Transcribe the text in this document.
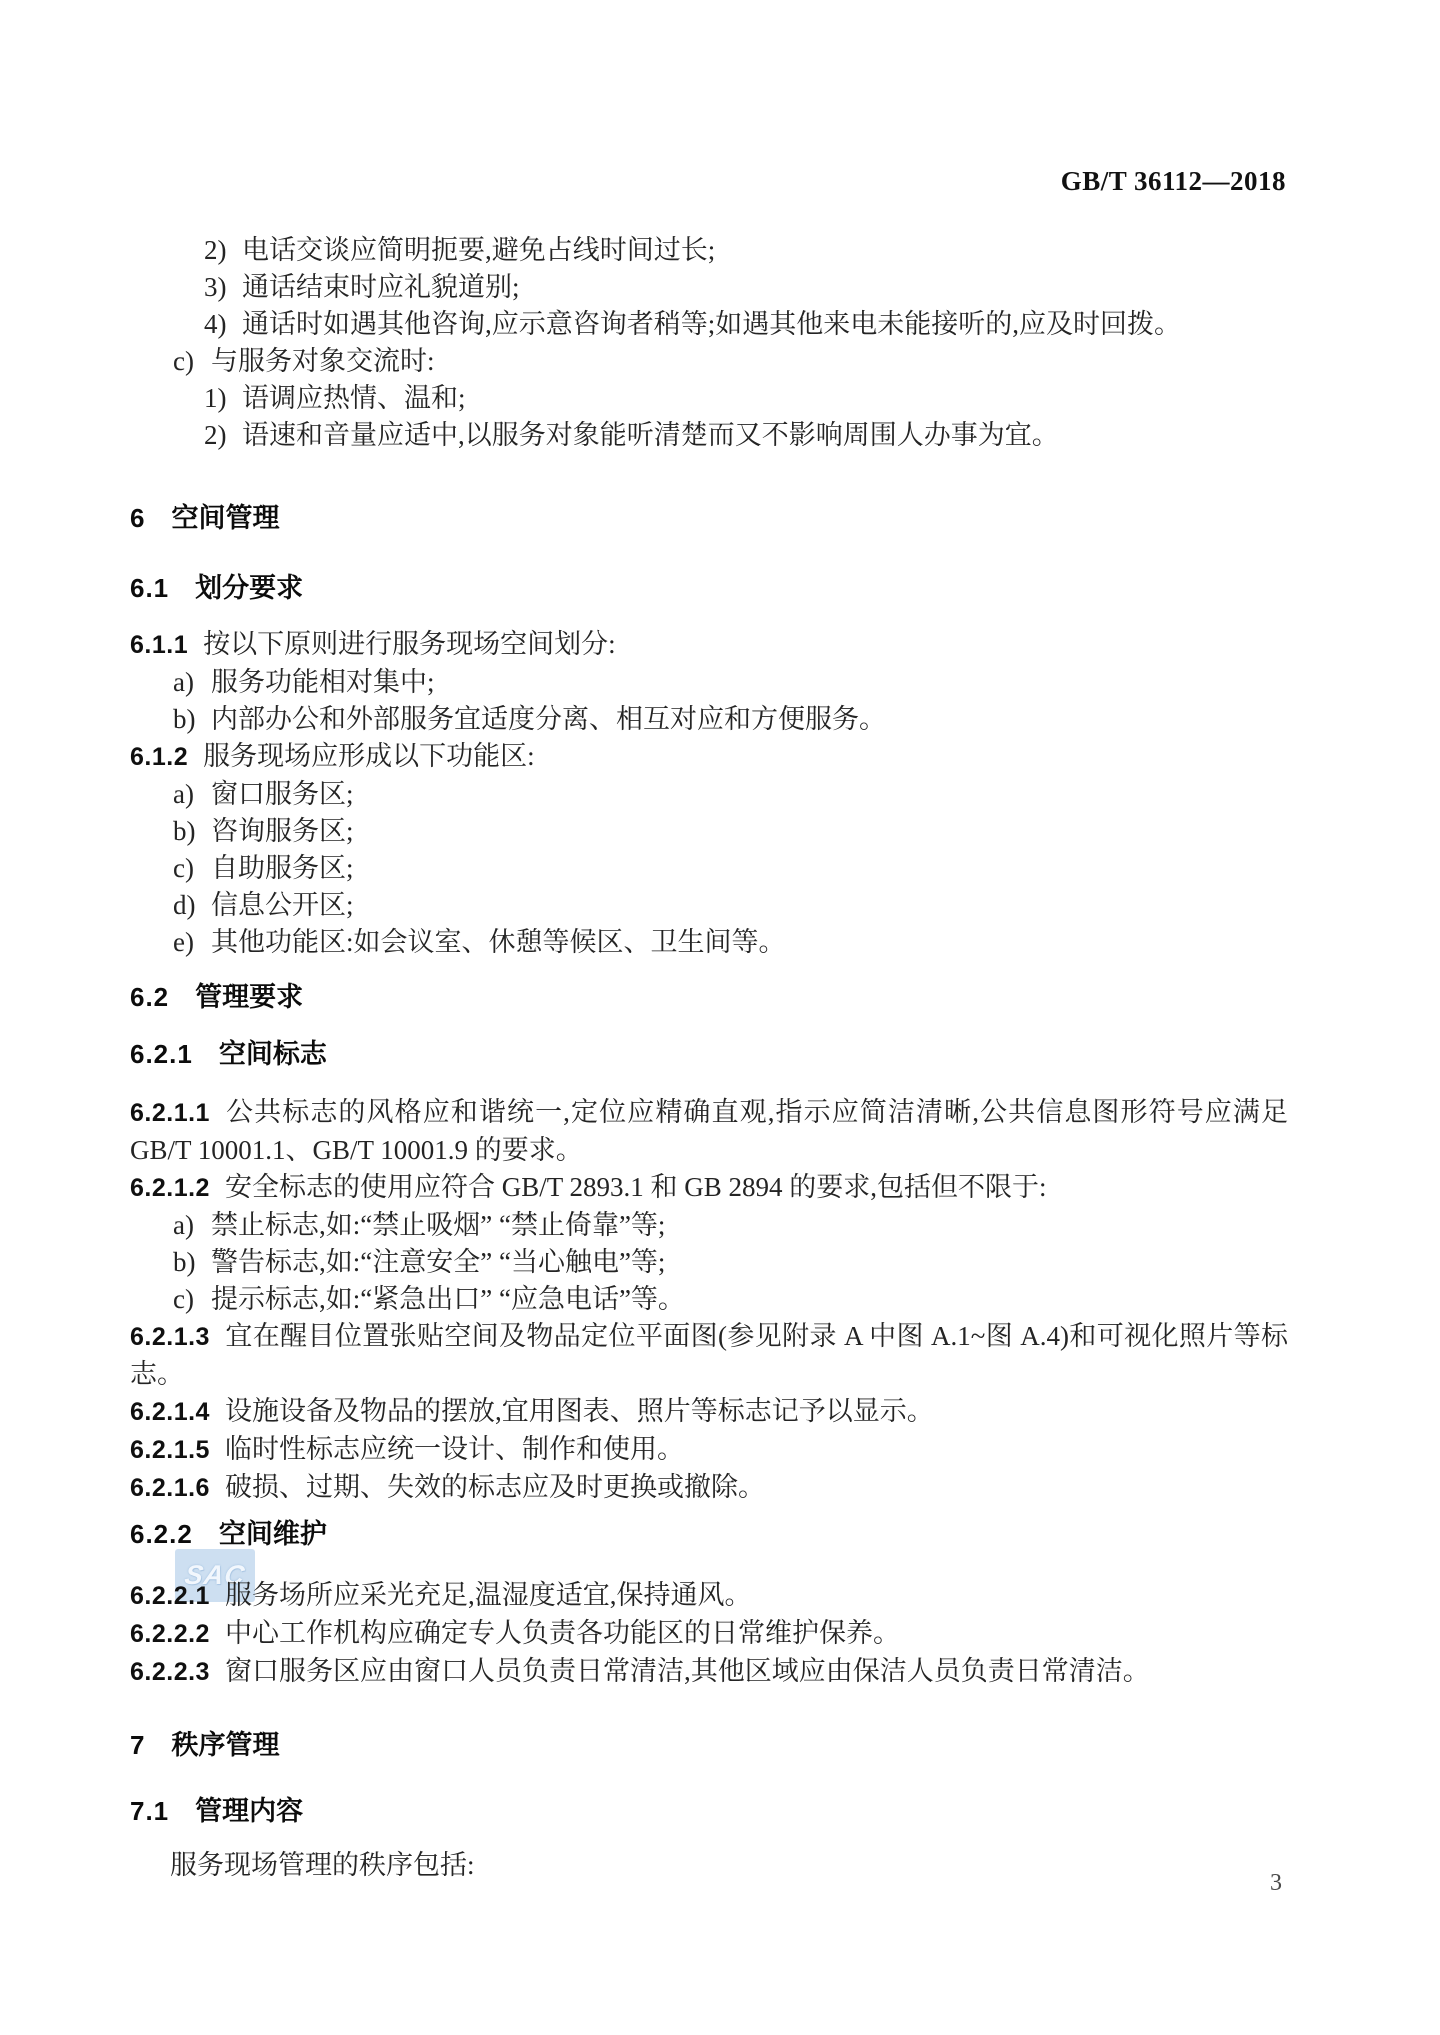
GB/T 36112—2018
SAC
2) 电话交谈应简明扼要,避免占线时间过长;
3) 通话结束时应礼貌道别;
4) 通话时如遇其他咨询,应示意咨询者稍等;如遇其他来电未能接听的,应及时回拨。
c) 与服务对象交流时:
1) 语调应热情、温和;
2) 语速和音量应适中,以服务对象能听清楚而又不影响周围人办事为宜。
6 空间管理
6.1 划分要求
6.1.1 按以下原则进行服务现场空间划分:
a) 服务功能相对集中;
b) 内部办公和外部服务宜适度分离、相互对应和方便服务。
6.1.2 服务现场应形成以下功能区:
a) 窗口服务区;
b) 咨询服务区;
c) 自助服务区;
d) 信息公开区;
e) 其他功能区:如会议室、休憩等候区、卫生间等。
6.2 管理要求
6.2.1 空间标志
6.2.1.1 公共标志的风格应和谐统一,定位应精确直观,指示应简洁清晰,公共信息图形符号应满足 GB/T 10001.1、GB/T 10001.9 的要求。
6.2.1.2 安全标志的使用应符合 GB/T 2893.1 和 GB 2894 的要求,包括但不限于:
a) 禁止标志,如:“禁止吸烟” “禁止倚靠”等;
b) 警告标志,如:“注意安全” “当心触电”等;
c) 提示标志,如:“紧急出口” “应急电话”等。
6.2.1.3 宜在醒目位置张贴空间及物品定位平面图(参见附录 A 中图 A.1~图 A.4)和可视化照片等标志。
6.2.1.4 设施设备及物品的摆放,宜用图表、照片等标志记予以显示。
6.2.1.5 临时性标志应统一设计、制作和使用。
6.2.1.6 破损、过期、失效的标志应及时更换或撤除。
6.2.2 空间维护
6.2.2.1 服务场所应采光充足,温湿度适宜,保持通风。
6.2.2.2 中心工作机构应确定专人负责各功能区的日常维护保养。
6.2.2.3 窗口服务区应由窗口人员负责日常清洁,其他区域应由保洁人员负责日常清洁。
7 秩序管理
7.1 管理内容
服务现场管理的秩序包括:
3
